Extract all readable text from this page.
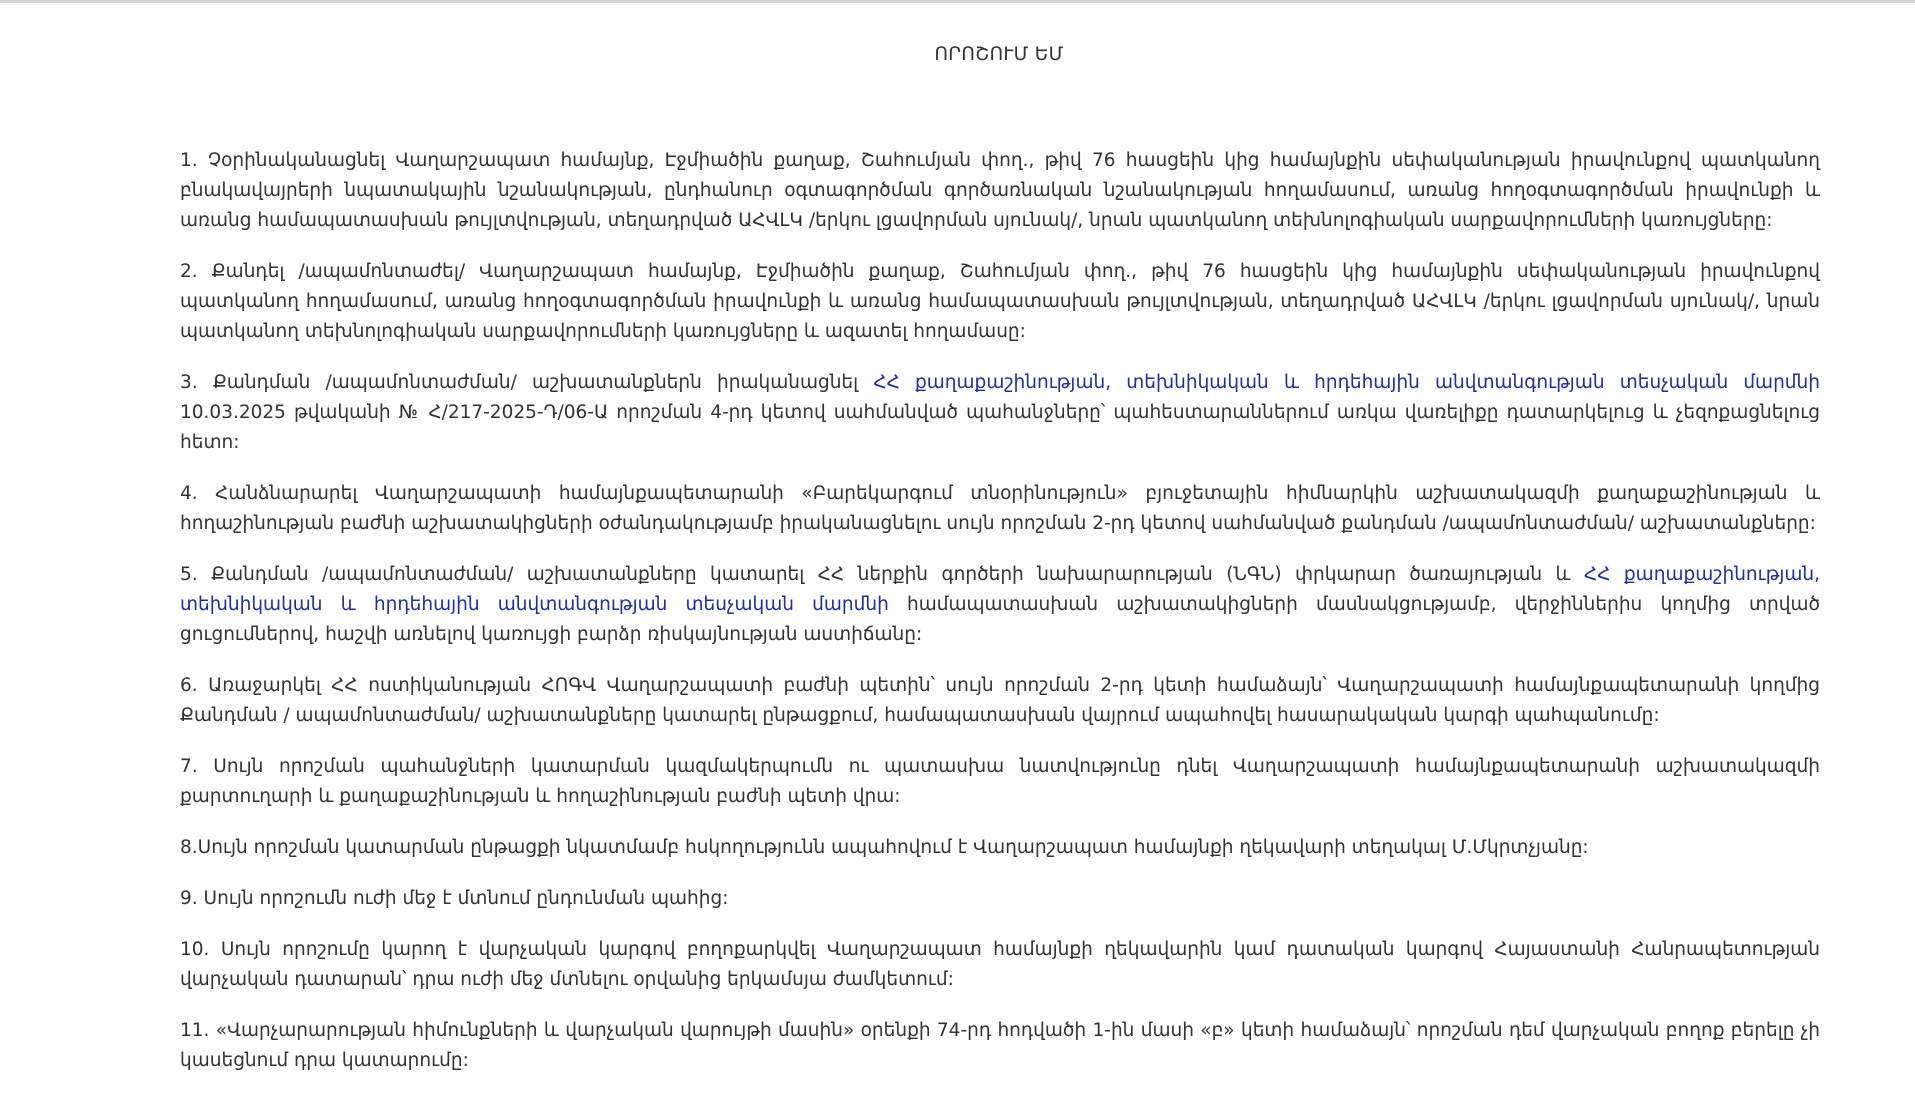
ՈՐՈՇՈՒՄ ԵՄ

1. Չօրինականացնել Վաղարշապատ համայնք, Էջմիածին քաղաք, Շահումյան փող., թիվ 76 հասցեին կից համայնքին սեփականության իրավունքով պատկանող բնակավայրերի նպատակային նշանակության, ընդհանուր օգտագործման գործառնական նշանակության հողամասում, առանց հողօգտագործման իրավունքի և առանց համապատասխան թույլտվության, տեղադրված ԱՀՎԼԿ /երկու լցավորման սյունակ/, նրան պատկանող տեխնոլոգիական սարքավորումների կառույցները:

2. Քանդել /ապամոնտաժել/ Վաղարշապատ համայնք, Էջմիածին քաղաք, Շահումյան փող., թիվ 76 հասցեին կից համայնքին սեփականության իրավունքով պատկանող հողամասում, առանց հողօգտագործման իրավունքի և առանց համապատասխան թույլտվության, տեղադրված ԱՀՎԼԿ /երկու լցավորման սյունակ/, նրան պատկանող տեխնոլոգիական սարքավորումների կառույցները և ազատել հողամասը:

3. Քանդման /ապամոնտաժման/ աշխատանքներն իրականացնել ՀՀ քաղաքաշինության, տեխնիկական և հրդեհային անվտանգության տեսչական մարմնի 10.03.2025 թվականի № Հ/217-2025-Դ/06-Ա որոշման 4-րդ կետով սահմանված պահանջները՝ պահեստարաններում առկա վառելիքը դատարկելուց և չեզոքացնելուց հետո:

4. Հանձնարարել Վաղարշապատի համայնքապետարանի «Բարեկարգում տնօրինություն» բյուջետային հիմնարկին աշխատակազմի քաղաքաշինության և հողաշինության բաժնի աշխատակիցների օժանդակությամբ իրականացնելու սույն որոշման 2-րդ կետով սահմանված քանդման /ապամոնտաժման/ աշխատանքները:

5. Քանդման /ապամոնտաժման/ աշխատանքները կատարել ՀՀ ներքին գործերի նախարարության (ՆԳՆ) փրկարար ծառայության և ՀՀ քաղաքաշինության, տեխնիկական և հրդեհային անվտանգության տեսչական մարմնի համապատասխան աշխատակիցների մասնակցությամբ, վերջիններիս կողմից տրված ցուցումներով, հաշվի առնելով կառույցի բարձր ռիսկայնության աստիճանը:

6. Առաջարկել ՀՀ ոստիկանության ՀՈԳՎ Վաղարշապատի բաժնի պետին՝ սույն որոշման 2-րդ կետի համաձայն՝ Վաղարշապատի համայնքապետարանի կողմից Քանդման / ապամոնտաժման/ աշխատանքները կատարել ընթացքում, համապատասխան վայրում ապահովել հասարակական կարգի պահպանումը:

7. Սույն որոշման պահանջների կատարման կազմակերպումն ու պատասխա նատվությունը դնել Վաղարշապատի համայնքապետարանի աշխատակազմի քարտուղարի և քաղաքաշինության և հողաշինության բաժնի պետի վրա:

8.Սույն որոշման կատարման ընթացքի նկատմամբ հսկողությունն ապահովում է Վաղարշապատ համայնքի ղեկավարի տեղակալ Մ.Մկրտչյանը:

9. Սույն որոշումն ուժի մեջ է մտնում ընդունման պահից:

10. Սույն որոշումը կարող է վարչական կարգով բողոքարկվել Վաղարշապատ համայնքի ղեկավարին կամ դատական կարգով Հայաստանի Հանրապետության վարչական դատարան՝ դրա ուժի մեջ մտնելու օրվանից երկամսյա ժամկետում:

11. «Վարչարարության հիմունքների և վարչական վարույթի մասին» օրենքի 74-րդ հոդվածի 1-ին մասի «բ» կետի համաձայն՝ որոշման դեմ վարչական բողոք բերելը չի կասեցնում դրա կատարումը:
